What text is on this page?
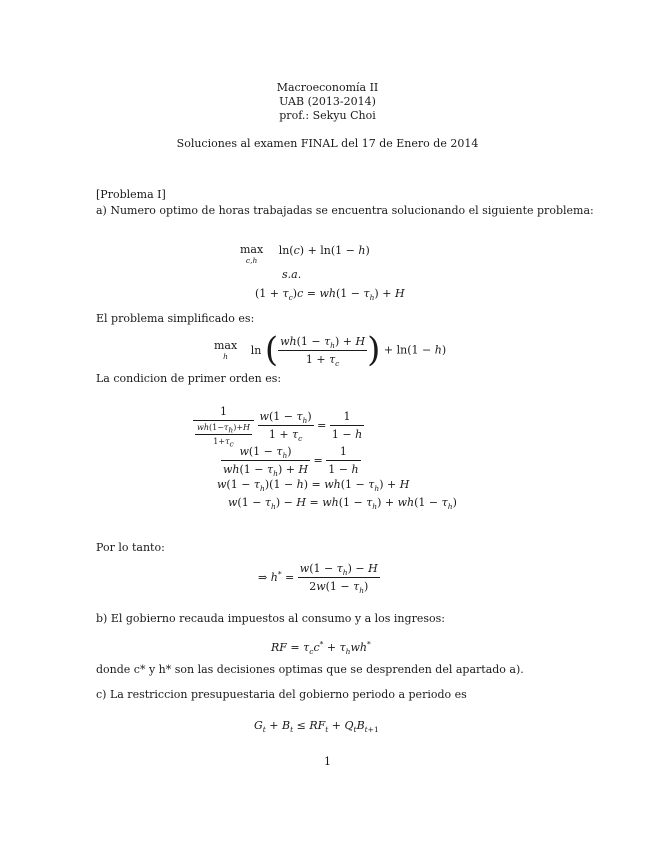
Macroeconomía II
UAB (2013-2014)
prof.: Sekyu Choi
Soluciones al examen FINAL del 17 de Enero de 2014
[Problema I]
a) Numero optimo de horas trabajadas se encuentra solucionando el siguiente problema:
max
c,h
ln(c) + ln(1 − h)
s.a.
$(1 + \tau_c)c = wh(1 - \tau_h) + H$
El problema simplificado es:
max
h	ln ( $\frac{wh(1 - \tau_h) + H}{1 + \tau_c}$ ) + ln(1 − h)
La condicion de primer orden es:
$\frac{1}{\frac{wh(1-\tau_h)+H}{1+\tau_c}}$
$\frac{w(1 - \tau_h)}{1 + \tau_c} = \frac{1}{1 - h}$
$\frac{w(1 - \tau_h)}{wh(1 - \tau_h) + H} = \frac{1}{1 - h}$
$w(1 - \tau_h)(1 - h) = wh(1 - \tau_h) + H$
$w(1 - \tau_h) - H = wh(1 - \tau_h) + wh(1 - \tau_h)$
Por lo tanto:
⇒ $h^* = \frac{w(1 - \tau_h) - H}{2w(1 - \tau_h)}$
b) El gobierno recauda impuestos al consumo y a los ingresos:
RF = $\tau_cc^* + \tau_hwh^*$
donde c* y h* son las decisiones optimas que se desprenden del apartado a).
c) La restriccion presupuestaria del gobierno periodo a periodo es
$G_t + B_t \le RF_t + Q_tB_{t+1}$
1
